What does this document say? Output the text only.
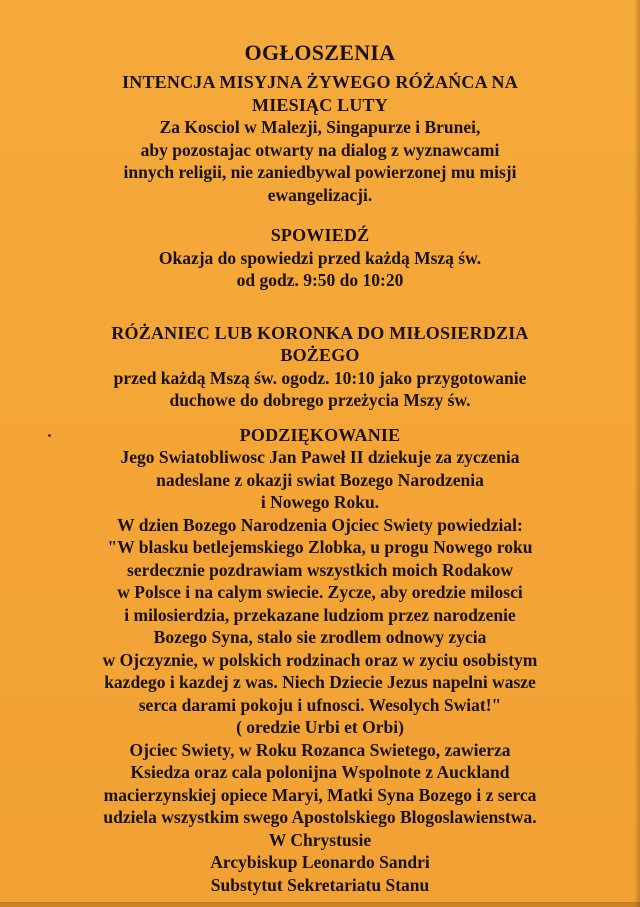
OGŁOSZENIA
INTENCJA MISYJNA ŻYWEGO RÓŻAŃCA NA
MIESIĄC LUTY
Za Kosciol w Malezji, Singapurze i Brunei,
aby pozostajac otwarty na dialog z wyznawcami
innych religii, nie zaniedbywal powierzonej mu misji
ewangelizacji.
SPOWIEDŹ
Okazja do spowiedzi przed każdą Mszą św.
od godz. 9:50 do 10:20
RÓŻANIEC LUB KORONKA DO MIŁOSIERDZIA
BOŻEGO
przed każdą Mszą św. ogodz. 10:10 jako przygotowanie
duchowe do dobrego przeżycia Mszy św.
PODZIĘKOWANIE
Jego Swiatobliwosc Jan Paweł II dziekuje za zyczenia
nadeslane z okazji swiat Bozego Narodzenia
i Nowego Roku.
W dzien Bozego Narodzenia Ojciec Swiety powiedzial:
"W blasku betlejemskiego Zlobka, u progu Nowego roku
serdecznie pozdrawiam wszystkich moich Rodakow
w Polsce i na calym swiecie. Zycze, aby oredzie milosci
i milosierdzia, przekazane ludziom przez narodzenie
Bozego Syna, stalo sie zrodlem odnowy zycia
w Ojczyznie, w polskich rodzinach oraz w zyciu osobistym
kazdego i kazdej z was. Niech Dziecie Jezus napelni wasze
serca darami pokoju i ufnosci. Wesolych Swiat!"
( oredzie Urbi et Orbi)
Ojciec Swiety, w Roku Rozanca Swietego, zawierza
Ksiedza oraz cala polonijna Wspolnote z Auckland
macierzynskiej opiece Maryi, Matki Syna Bozego i z serca
udziela wszystkim swego Apostolskiego Blogoslawienstwa.
W Chrystusie
Arcybiskup Leonardo Sandri
Substytut Sekretariatu Stanu
